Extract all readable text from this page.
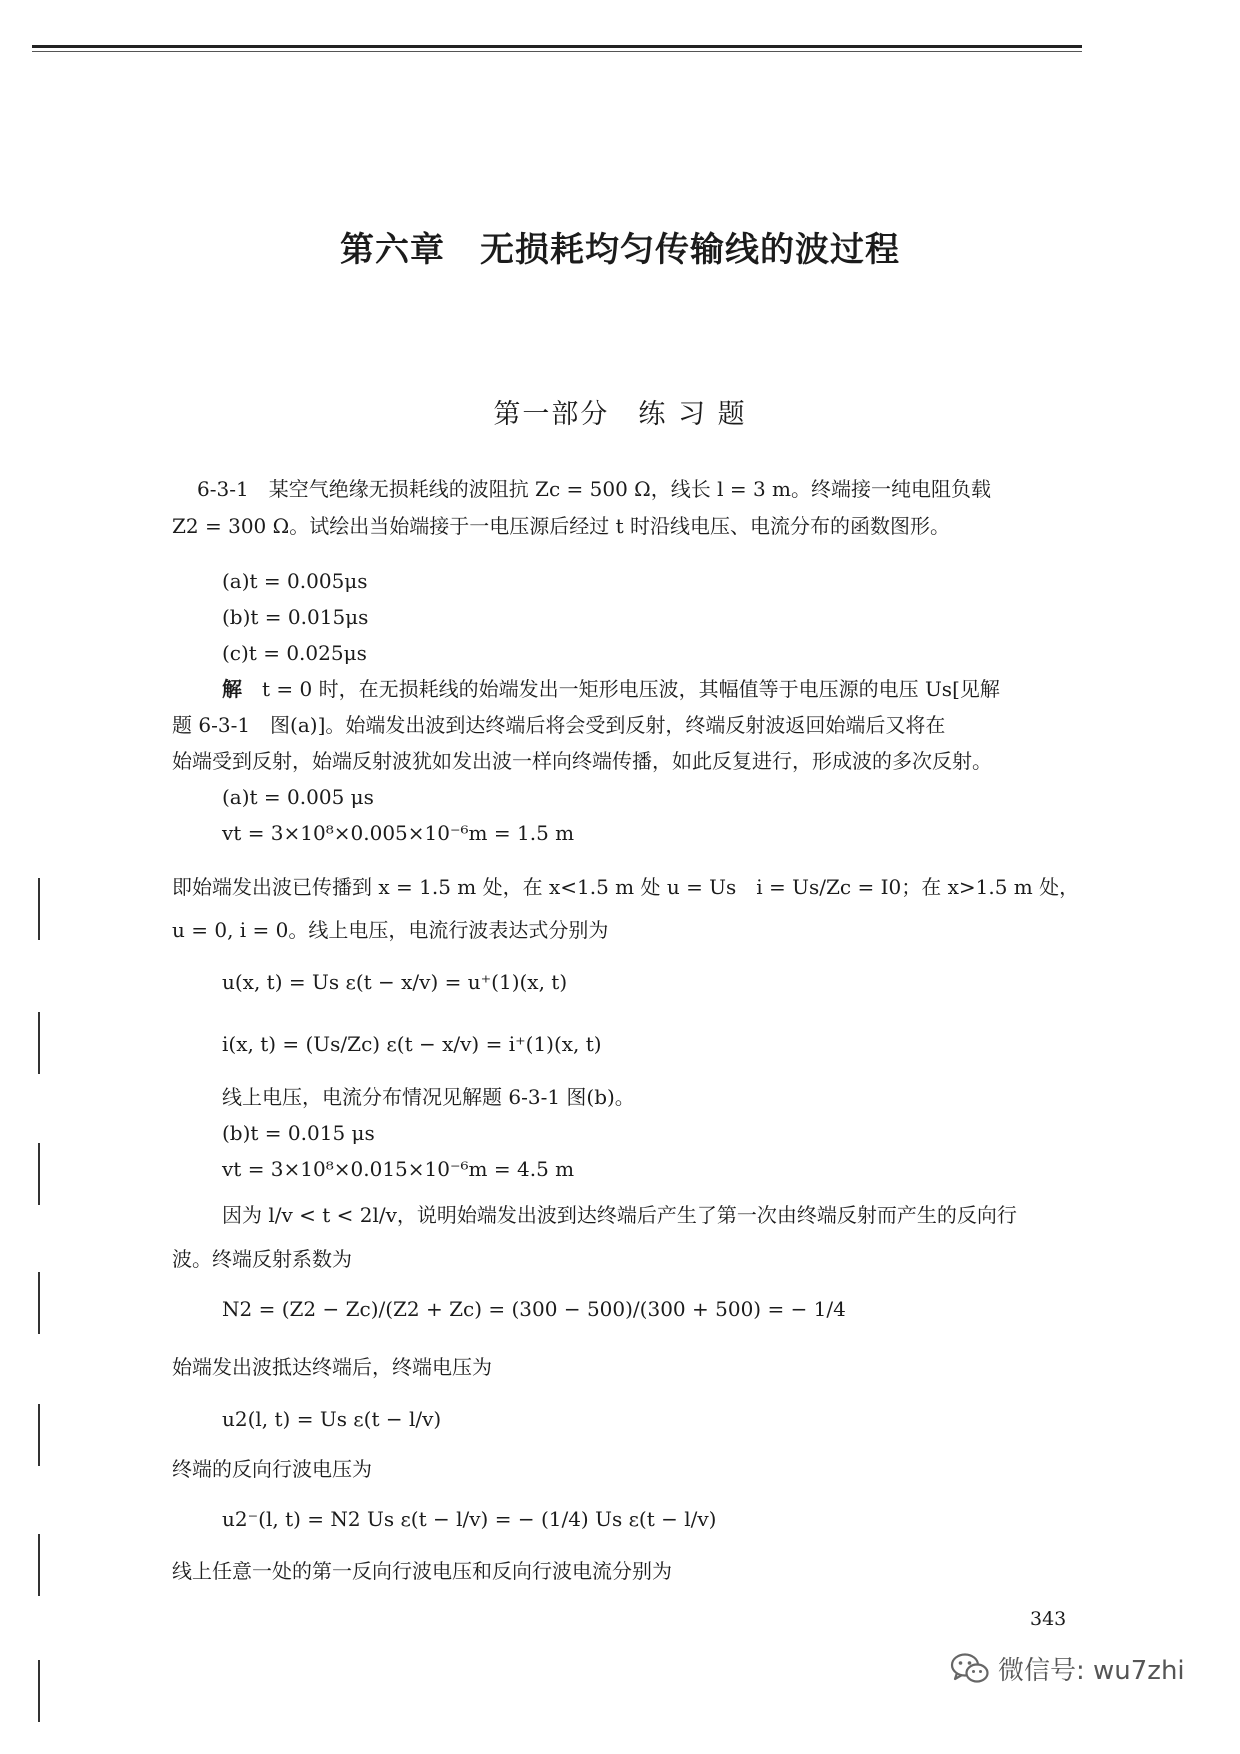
第六章　无损耗均匀传输线的波过程
第一部分　练 习 题
6-3-1　某空气绝缘无损耗线的波阻抗 Zc = 500 Ω，线长 l = 3 m。终端接一纯电阻负载
Z2 = 300 Ω。试绘出当始端接于一电压源后经过 t 时沿线电压、电流分布的函数图形。
(a)t = 0.005μs
(b)t = 0.015μs
(c)t = 0.025μs
解 t = 0 时，在无损耗线的始端发出一矩形电压波，其幅值等于电压源的电压 Us[见解
题 6-3-1　图(a)]。始端发出波到达终端后将会受到反射，终端反射波返回始端后又将在
始端受到反射，始端反射波犹如发出波一样向终端传播，如此反复进行，形成波的多次反射。
(a)t = 0.005 μs
vt = 3×10⁸×0.005×10⁻⁶m = 1.5 m
即始端发出波已传播到 x = 1.5 m 处，在 x<1.5 m 处 u = Us　i = Us/Zc = I0；在 x>1.5 m 处，
u = 0, i = 0。线上电压，电流行波表达式分别为
u(x, t) = Us ε(t − x/v) = u⁺(1)(x, t)
i(x, t) = (Us/Zc) ε(t − x/v) = i⁺(1)(x, t)
线上电压，电流分布情况见解题 6-3-1 图(b)。
(b)t = 0.015 μs
vt = 3×10⁸×0.015×10⁻⁶m = 4.5 m
因为 l/v < t < 2l/v，说明始端发出波到达终端后产生了第一次由终端反射而产生的反向行
波。终端反射系数为
N2 = (Z2 − Zc)/(Z2 + Zc) = (300 − 500)/(300 + 500) = − 1/4
始端发出波抵达终端后，终端电压为
u2(l, t) = Us ε(t − l/v)
终端的反向行波电压为
u2⁻(l, t) = N2 Us ε(t − l/v) = − (1/4) Us ε(t − l/v)
线上任意一处的第一反向行波电压和反向行波电流分别为
343
微信号: wu7zhi
